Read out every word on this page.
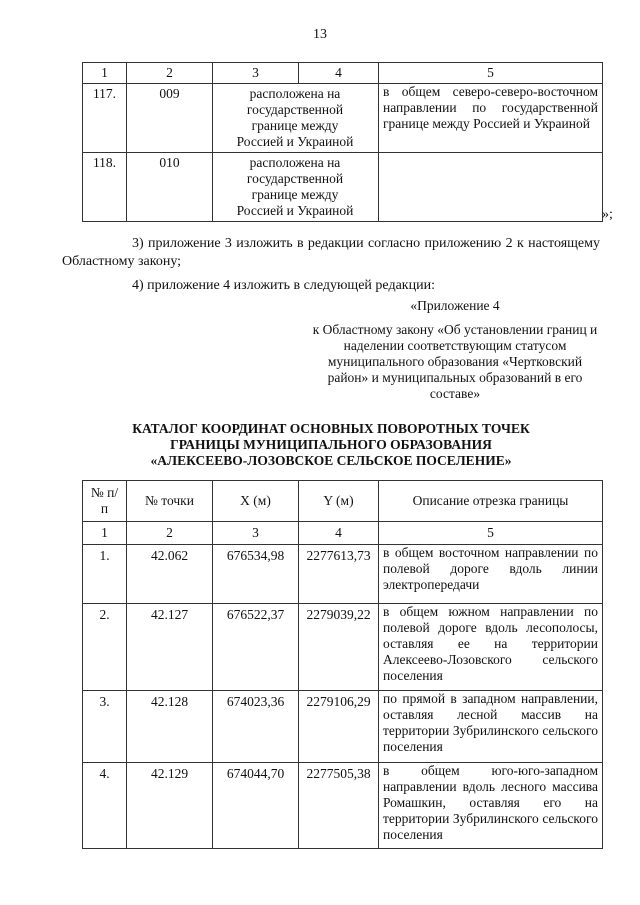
13
1	2	3	4	5
117.	009	расположена на государственной границе между Россией и Украиной		в общем северо-северо-восточном направлении по государственной границе между Россией и Украиной
118.	010	расположена на государственной границе между Россией и Украиной		
		»;
3) приложение 3 изложить в редакции согласно приложению 2 к настоящему Областному закону;
4) приложение 4 изложить в следующей редакции:
«Приложение 4
к Областному закону «Об установлении границ и наделении соответствующим статусом муниципального образования «Чертковский район» и муниципальных образований в его составе»
КАТАЛОГ КООРДИНАТ ОСНОВНЫХ ПОВОРОТНЫХ ТОЧЕК
ГРАНИЦЫ МУНИЦИПАЛЬНОГО ОБРАЗОВАНИЯ
«АЛЕКСЕЕВО-ЛОЗОВСКОЕ СЕЛЬСКОЕ ПОСЕЛЕНИЕ»
№ п/п	№ точки	X (м)	Y (м)	Описание отрезка границы
1	2	3	4	5
1.	42.062	676534,98	2277613,73	в общем восточном направлении по полевой дороге вдоль линии электропередачи
2.	42.127	676522,37	2279039,22	в общем южном направлении по полевой дороге вдоль лесополосы, оставляя ее на территории Алексеево-Лозовского сельского поселения
3.	42.128	674023,36	2279106,29	по прямой в западном направлении, оставляя лесной массив на территории Зубрилинского сельского поселения
4.	42.129	674044,70	2277505,38	в общем юго-юго-западном направлении вдоль лесного массива Ромашкин, оставляя его на территории Зубрилинского сельского поселения
